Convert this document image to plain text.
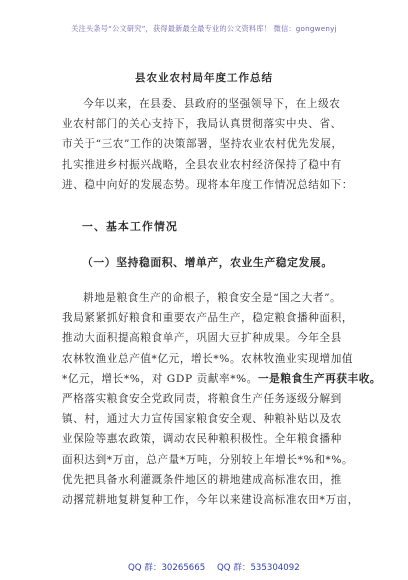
关注头条号“公文研究”，获得最新最全最专业的公文资料库！ 微信：gongwenyj
县农业农村局年度工作总结
今年以来，在县委、县政府的坚强领导下，在上级农
业农村部门的关心支持下，我局认真贯彻落实中央、省、
市关于“三农”工作的决策部署，坚持农业农村优先发展，
扎实推进乡村振兴战略，全县农业农村经济保持了稳中有
进、稳中向好的发展态势。现将本年度工作情况总结如下：
一、基本工作情况
（一）坚持稳面积、增单产，农业生产稳定发展。
耕地是粮食生产的命根子，粮食安全是“国之大者”。
我局紧紧抓好粮食和重要农产品生产，稳定粮食播种面积，
推动大面积提高粮食单产，巩固大豆扩种成果。今年全县
农林牧渔业总产值*亿元，增长*%。农林牧渔业实现增加值
*亿元，增长*%，对 GDP 贡献率*%。一是粮食生产再获丰收。
严格落实粮食安全党政同责，将粮食生产任务逐级分解到
镇、村，通过大力宣传国家粮食安全观、种粮补贴以及农
业保险等惠农政策，调动农民种粮积极性。全年粮食播种
面积达到*万亩，总产量*万吨，分别较上年增长*%和*%。
优先把具备水利灌溉条件地区的耕地建成高标准农田，推
动撂荒耕地复耕复种工作，今年以来建设高标准农田*万亩，
QQ 群：30265665 QQ 群：535304092
